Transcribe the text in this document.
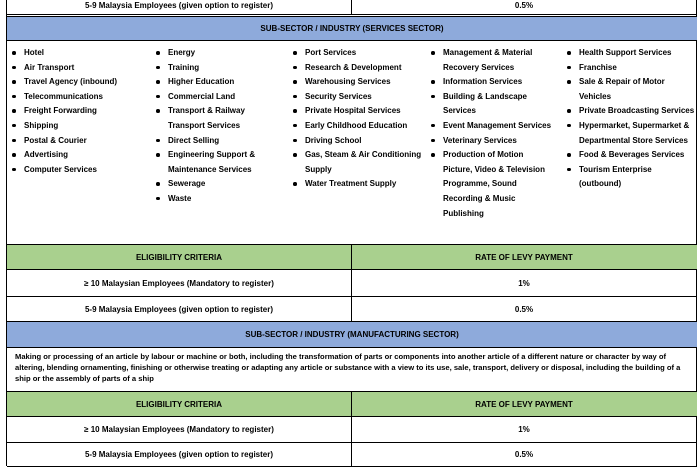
5-9 Malaysia Employees (given option to register)	0.5%
SUB-SECTOR / INDUSTRY (SERVICES SECTOR)
Hotel
Air Transport
Travel Agency (inbound)
Telecommunications
Freight Forwarding
Shipping
Postal & Courier
Advertising
Computer Services
Energy
Training
Higher Education
Commercial Land
Transport & Railway Transport Services
Direct Selling
Engineering Support & Maintenance Services
Sewerage
Waste
Port Services
Research & Development
Warehousing Services
Security Services
Private Hospital Services
Early Childhood Education
Driving School
Gas, Steam & Air Conditioning Supply
Water Treatment Supply
Management & Material Recovery Services
Information Services
Building & Landscape Services
Event Management Services
Veterinary Services
Production of Motion Picture, Video & Television Programme, Sound Recording & Music Publishing
Health Support Services
Franchise
Sale & Repair of Motor Vehicles
Private Broadcasting Services
Hypermarket, Supermarket & Departmental Store Services
Food & Beverages Services
Tourism Enterprise (outbound)
ELIGIBILITY CRITERIA	RATE OF LEVY PAYMENT
≥ 10 Malaysian Employees (Mandatory to register)	1%
5-9 Malaysia Employees (given option to register)	0.5%
SUB-SECTOR / INDUSTRY (MANUFACTURING SECTOR)
Making or processing of an article by labour or machine or both, including the transformation of parts or components into another article of a different nature or character by way of altering, blending ornamenting, finishing or otherwise treating or adapting any article or substance with a view to its use, sale, transport, delivery or disposal, including the building of a ship or the assembly of parts of a ship
ELIGIBILITY CRITERIA	RATE OF LEVY PAYMENT
≥ 10 Malaysian Employees (Mandatory to register)	1%
5-9 Malaysia Employees (given option to register)	0.5%
